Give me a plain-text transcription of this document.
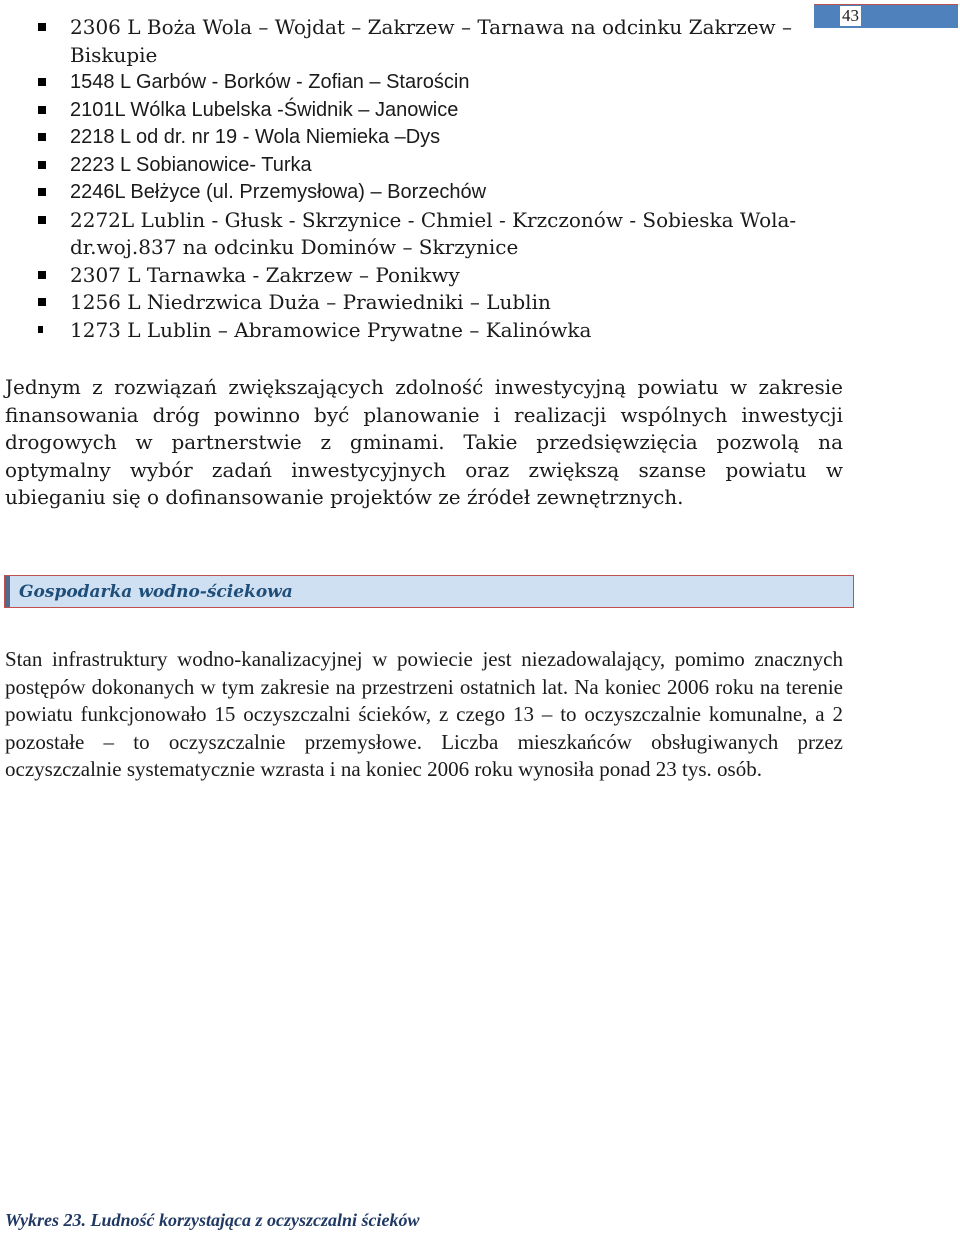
43
2306 L Boża Wola – Wojdat – Zakrzew – Tarnawa na odcinku Zakrzew – Biskupie
1548 L Garbów - Borków - Zofian – Starościn
2101L Wólka Lubelska -Świdnik – Janowice
2218 L od dr. nr 19 - Wola Niemieka –Dys
2223 L Sobianowice- Turka
2246L Bełżyce (ul. Przemysłowa) – Borzechów
2272L Lublin - Głusk - Skrzynice - Chmiel - Krzczonów - Sobieska Wola-dr.woj.837 na odcinku Dominów – Skrzynice
2307 L Tarnawka - Zakrzew – Ponikwy
1256 L Niedrzwica Duża – Prawiedniki – Lublin
1273 L Lublin – Abramowice Prywatne – Kalinówka

Jednym z rozwiązań zwiększających zdolność inwestycyjną powiatu w zakresie finansowania dróg powinno być planowanie i realizacji wspólnych inwestycji drogowych w partnerstwie z gminami. Takie przedsięwzięcia pozwolą na optymalny wybór zadań inwestycyjnych oraz zwiększą szanse powiatu w ubieganiu się o dofinansowanie projektów ze źródeł zewnętrznych.

Gospodarka wodno-ściekowa

Stan infrastruktury wodno-kanalizacyjnej w powiecie jest niezadowalający, pomimo znacznych postępów dokonanych w tym zakresie na przestrzeni ostatnich lat. Na koniec 2006 roku na terenie powiatu funkcjonowało 15 oczyszczalni ścieków, z czego 13 – to oczyszczalnie komunalne, a 2 pozostałe – to oczyszczalnie przemysłowe. Liczba mieszkańców obsługiwanych przez oczyszczalnie systematycznie wzrasta i na koniec 2006 roku wynosiła ponad 23 tys. osób.

Wykres 23. Ludność korzystająca z oczyszczalni ścieków
